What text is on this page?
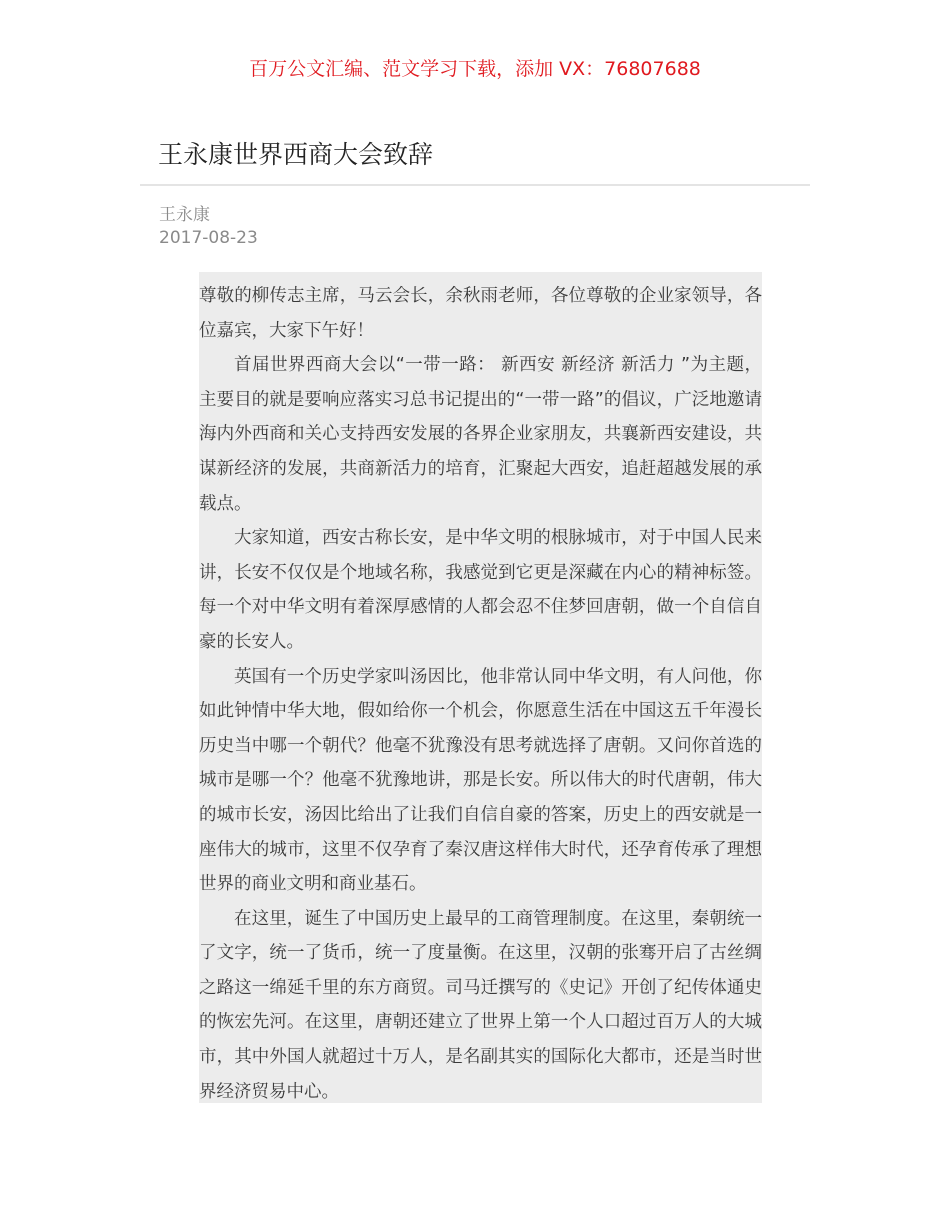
百万公文汇编、范文学习下载，添加 VX：76807688
王永康世界西商大会致辞
王永康
2017-08-23

尊敬的柳传志主席，马云会长，余秋雨老师，各位尊敬的企业家领导，各位嘉宾，大家下午好！

首届世界西商大会以“一带一路： 新西安 新经济 新活力 ”为主题，主要目的就是要响应落实习总书记提出的“一带一路”的倡议，广泛地邀请海内外西商和关心支持西安发展的各界企业家朋友，共襄新西安建设，共谋新经济的发展，共商新活力的培育，汇聚起大西安，追赶超越发展的承载点。

大家知道，西安古称长安，是中华文明的根脉城市，对于中国人民来讲，长安不仅仅是个地域名称，我感觉到它更是深藏在内心的精神标签。每一个对中华文明有着深厚感情的人都会忍不住梦回唐朝，做一个自信自豪的长安人。

英国有一个历史学家叫汤因比，他非常认同中华文明，有人问他，你如此钟情中华大地，假如给你一个机会，你愿意生活在中国这五千年漫长历史当中哪一个朝代？他毫不犹豫没有思考就选择了唐朝。又问你首选的城市是哪一个？他毫不犹豫地讲，那是长安。所以伟大的时代唐朝，伟大的城市长安，汤因比给出了让我们自信自豪的答案，历史上的西安就是一座伟大的城市，这里不仅孕育了秦汉唐这样伟大时代，还孕育传承了理想世界的商业文明和商业基石。

在这里，诞生了中国历史上最早的工商管理制度。在这里，秦朝统一了文字，统一了货币，统一了度量衡。在这里，汉朝的张骞开启了古丝绸之路这一绵延千里的东方商贸。司马迁撰写的《史记》开创了纪传体通史的恢宏先河。在这里，唐朝还建立了世界上第一个人口超过百万人的大城市，其中外国人就超过十万人，是名副其实的国际化大都市，还是当时世界经济贸易中心。
